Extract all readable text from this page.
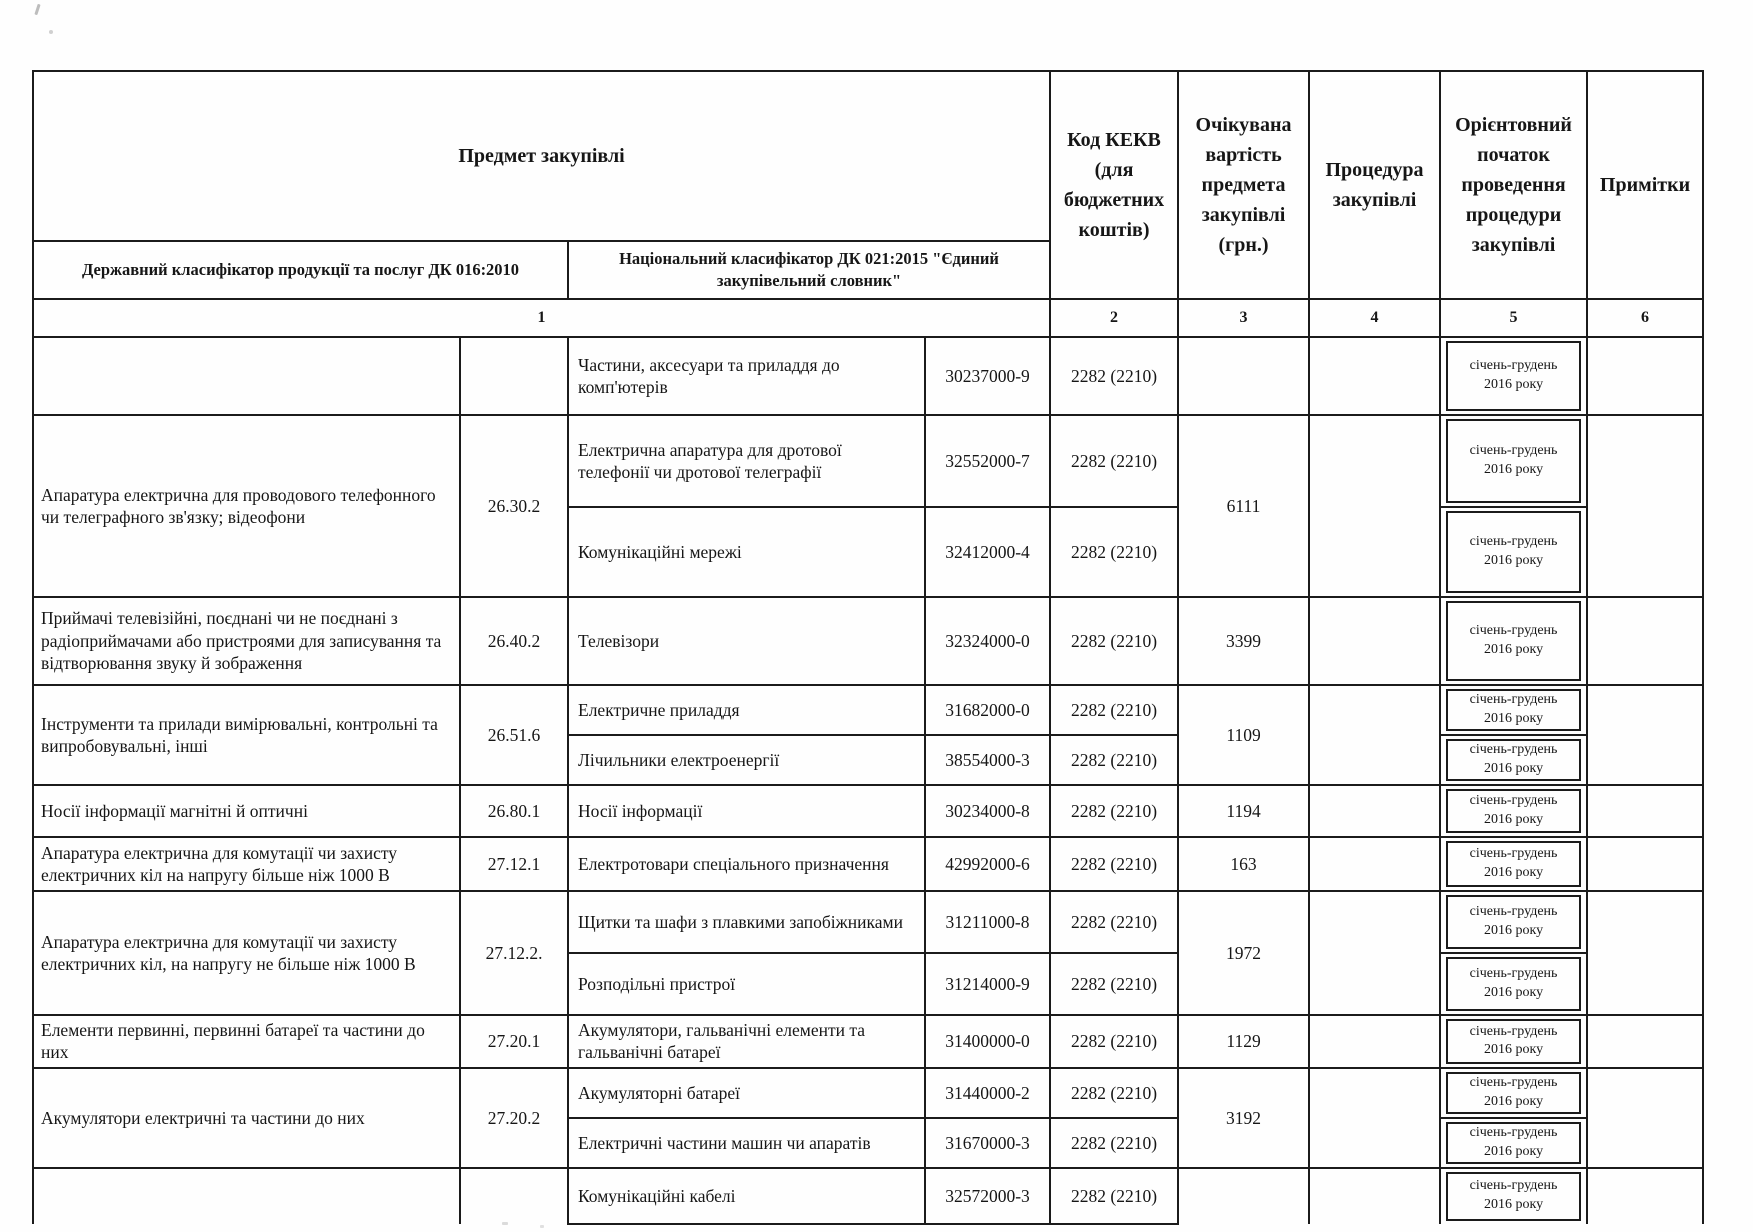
Предмет закупівлі				Код КЕКВ (для бюджетних коштів)	Очікувана вартість предмета закупівлі (грн.)	Процедура закупівлі	Орієнтовний початок проведення процедури закупівлі	Примітки
Державний класифікатор продукції та послуг ДК 016:2010		Національний класифікатор ДК 021:2015 "Єдиний закупівельний словник"						
1				2	3	4	5	6
		Частини, аксесуари та приладдя до комп'ютерів	30237000-9	2282 (2210)			січень-грудень 2016 року	

Апаратура електрична для проводового телефонного чи телеграфного зв'язку; відеофони	26.30.2	Електрична апаратура для дротової телефонії чи дротової телеграфії	32552000-7	2282 (2210)	6111		січень-грудень 2016 року	

		Комунікаційні мережі	32412000-4	2282 (2210)			січень-грудень 2016 року	

Приймачі телевізійні, поєднані чи не поєднані з радіоприймачами або пристроями для записування та відтворювання звуку й зображення	26.40.2	Телевізори	32324000-0	2282 (2210)	3399		січень-грудень 2016 року	

Інструменти та прилади вимірювальні, контрольні та випробовувальні, інші	26.51.6	Електричне приладдя	31682000-0	2282 (2210)	1109		січень-грудень 2016 року	

		Лічильники електроенергії	38554000-3	2282 (2210)			січень-грудень 2016 року	

Носії інформації магнітні й оптичні	26.80.1	Носії інформації	30234000-8	2282 (2210)	1194		січень-грудень 2016 року	

Апаратура електрична для комутації чи захисту електричних кіл на напругу більше ніж 1000 В	27.12.1	Електротовари спеціального призначення	42992000-6	2282 (2210)	163		січень-грудень 2016 року	

Апаратура електрична для комутації чи захисту електричних кіл, на напругу не більше ніж 1000 В	27.12.2.	Щитки та шафи з плавкими запобіжниками	31211000-8	2282 (2210)	1972		січень-грудень 2016 року	

		Розподільні пристрої	31214000-9	2282 (2210)			січень-грудень 2016 року	

Елементи первинні, первинні батареї та частини до них	27.20.1	Акумулятори, гальванічні елементи та гальванічні батареї	31400000-0	2282 (2210)	1129		січень-грудень 2016 року	

Акумулятори електричні та частини до них	27.20.2	Акумуляторні батареї	31440000-2	2282 (2210)	3192		січень-грудень 2016 року	

		Електричні частини машин чи апаратів	31670000-3	2282 (2210)			січень-грудень 2016 року	

		Комунікаційні кабелі	32572000-3	2282 (2210)			січень-грудень 2016 року	
